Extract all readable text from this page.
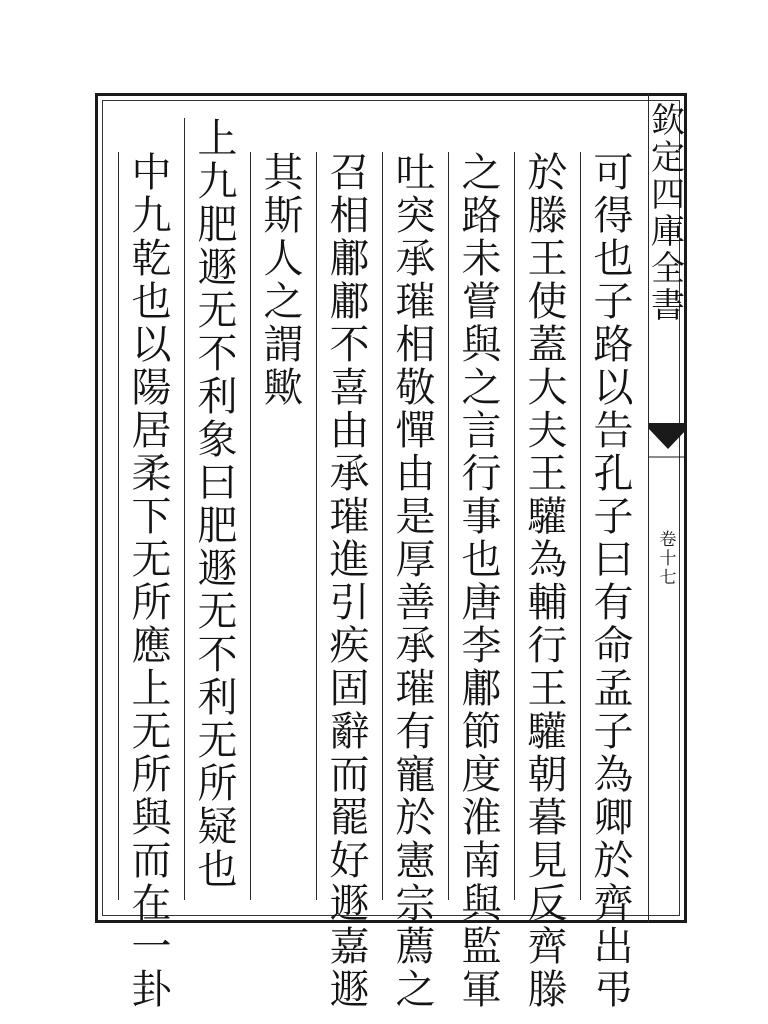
欽
定
四
庫
全
書
卷
十
七
可
得
也
子
路
以
告
孔
子
曰
有
命
孟
子
為
卿
於
齊
出
弔
於
滕
王
使
蓋
大
夫
王
驩
為
輔
行
王
驩
朝
暮
見
反
齊
滕
之
路
未
嘗
與
之
言
行
事
也
唐
李
鄘
節
度
淮
南
與
監
軍
吐
突
承
璀
相
敬
憚
由
是
厚
善
承
璀
有
寵
於
憲
宗
薦
之
召
相
鄘
鄘
不
喜
由
承
璀
進
引
疾
固
辭
而
罷
好
遯
嘉
遯
其
斯
人
之
謂
歟
上
九
肥
遯
无
不
利
象
曰
肥
遯
无
不
利
无
所
疑
也
中
九
乾
也
以
陽
居
柔
下
无
所
應
上
无
所
與
而
在
一
卦
